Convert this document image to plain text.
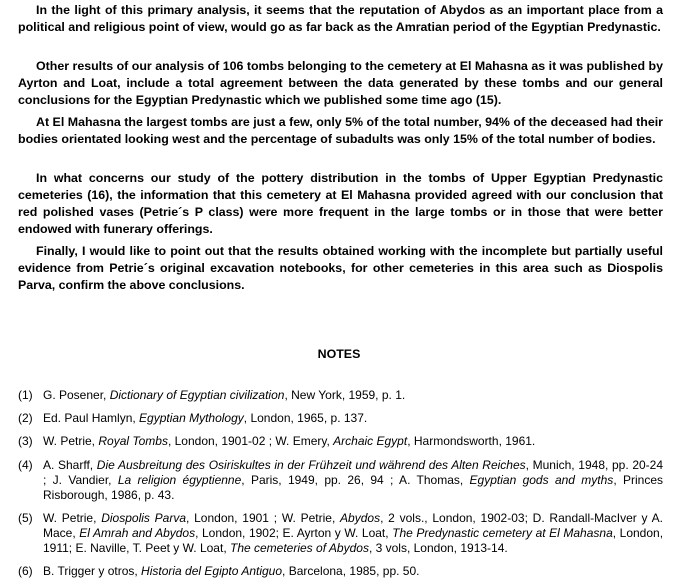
In the light of this primary analysis, it seems that the reputation of Abydos as an important place from a political and religious point of view, would go as far back as the Amratian period of the Egyptian Predynastic.

Other results of our analysis of 106 tombs belonging to the cemetery at El Mahasna as it was published by Ayrton and Loat, include a total agreement between the data generated by these tombs and our general conclusions for the Egyptian Predynastic which we published some time ago (15).

At El Mahasna the largest tombs are just a few, only 5% of the total number, 94% of the deceased had their bodies orientated looking west and the percentage of subadults was only 15% of the total number of bodies.

In what concerns our study of the pottery distribution in the tombs of Upper Egyptian Predynastic cemeteries (16), the information that this cemetery at El Mahasna provided agreed with our conclusion that red polished vases (Petrie´s P class) were more frequent in the large tombs or in those that were better endowed with funerary offerings.

Finally, I would like to point out that the results obtained working with the incomplete but partially useful evidence from Petrie´s original excavation notebooks, for other cemeteries in this area such as Diospolis Parva, confirm the above conclusions.

NOTES
(1) G. Posener, Dictionary of Egyptian civilization, New York, 1959, p. 1.
(2) Ed. Paul Hamlyn, Egyptian Mythology, London, 1965, p. 137.
(3) W. Petrie, Royal Tombs, London, 1901-02 ; W. Emery, Archaic Egypt, Harmondsworth, 1961.
(4) A. Sharff, Die Ausbreitung des Osiriskultes in der Frühzeit und während des Alten Reiches, Munich, 1948, pp. 20-24 ; J. Vandier, La religion égyptienne, Paris, 1949, pp. 26, 94 ; A. Thomas, Egyptian gods and myths, Princes Risborough, 1986, p. 43.
(5) W. Petrie, Diospolis Parva, London, 1901 ; W. Petrie, Abydos, 2 vols., London, 1902-03; D. Randall-MacIver y A. Mace, El Amrah and Abydos, London, 1902; E. Ayrton y W. Loat, The Predynastic cemetery at El Mahasna, London, 1911; E. Naville, T. Peet y W. Loat, The cemeteries of Abydos, 3 vols, London, 1913-14.
(6) B. Trigger y otros, Historia del Egipto Antiguo, Barcelona, 1985, pp. 50.
